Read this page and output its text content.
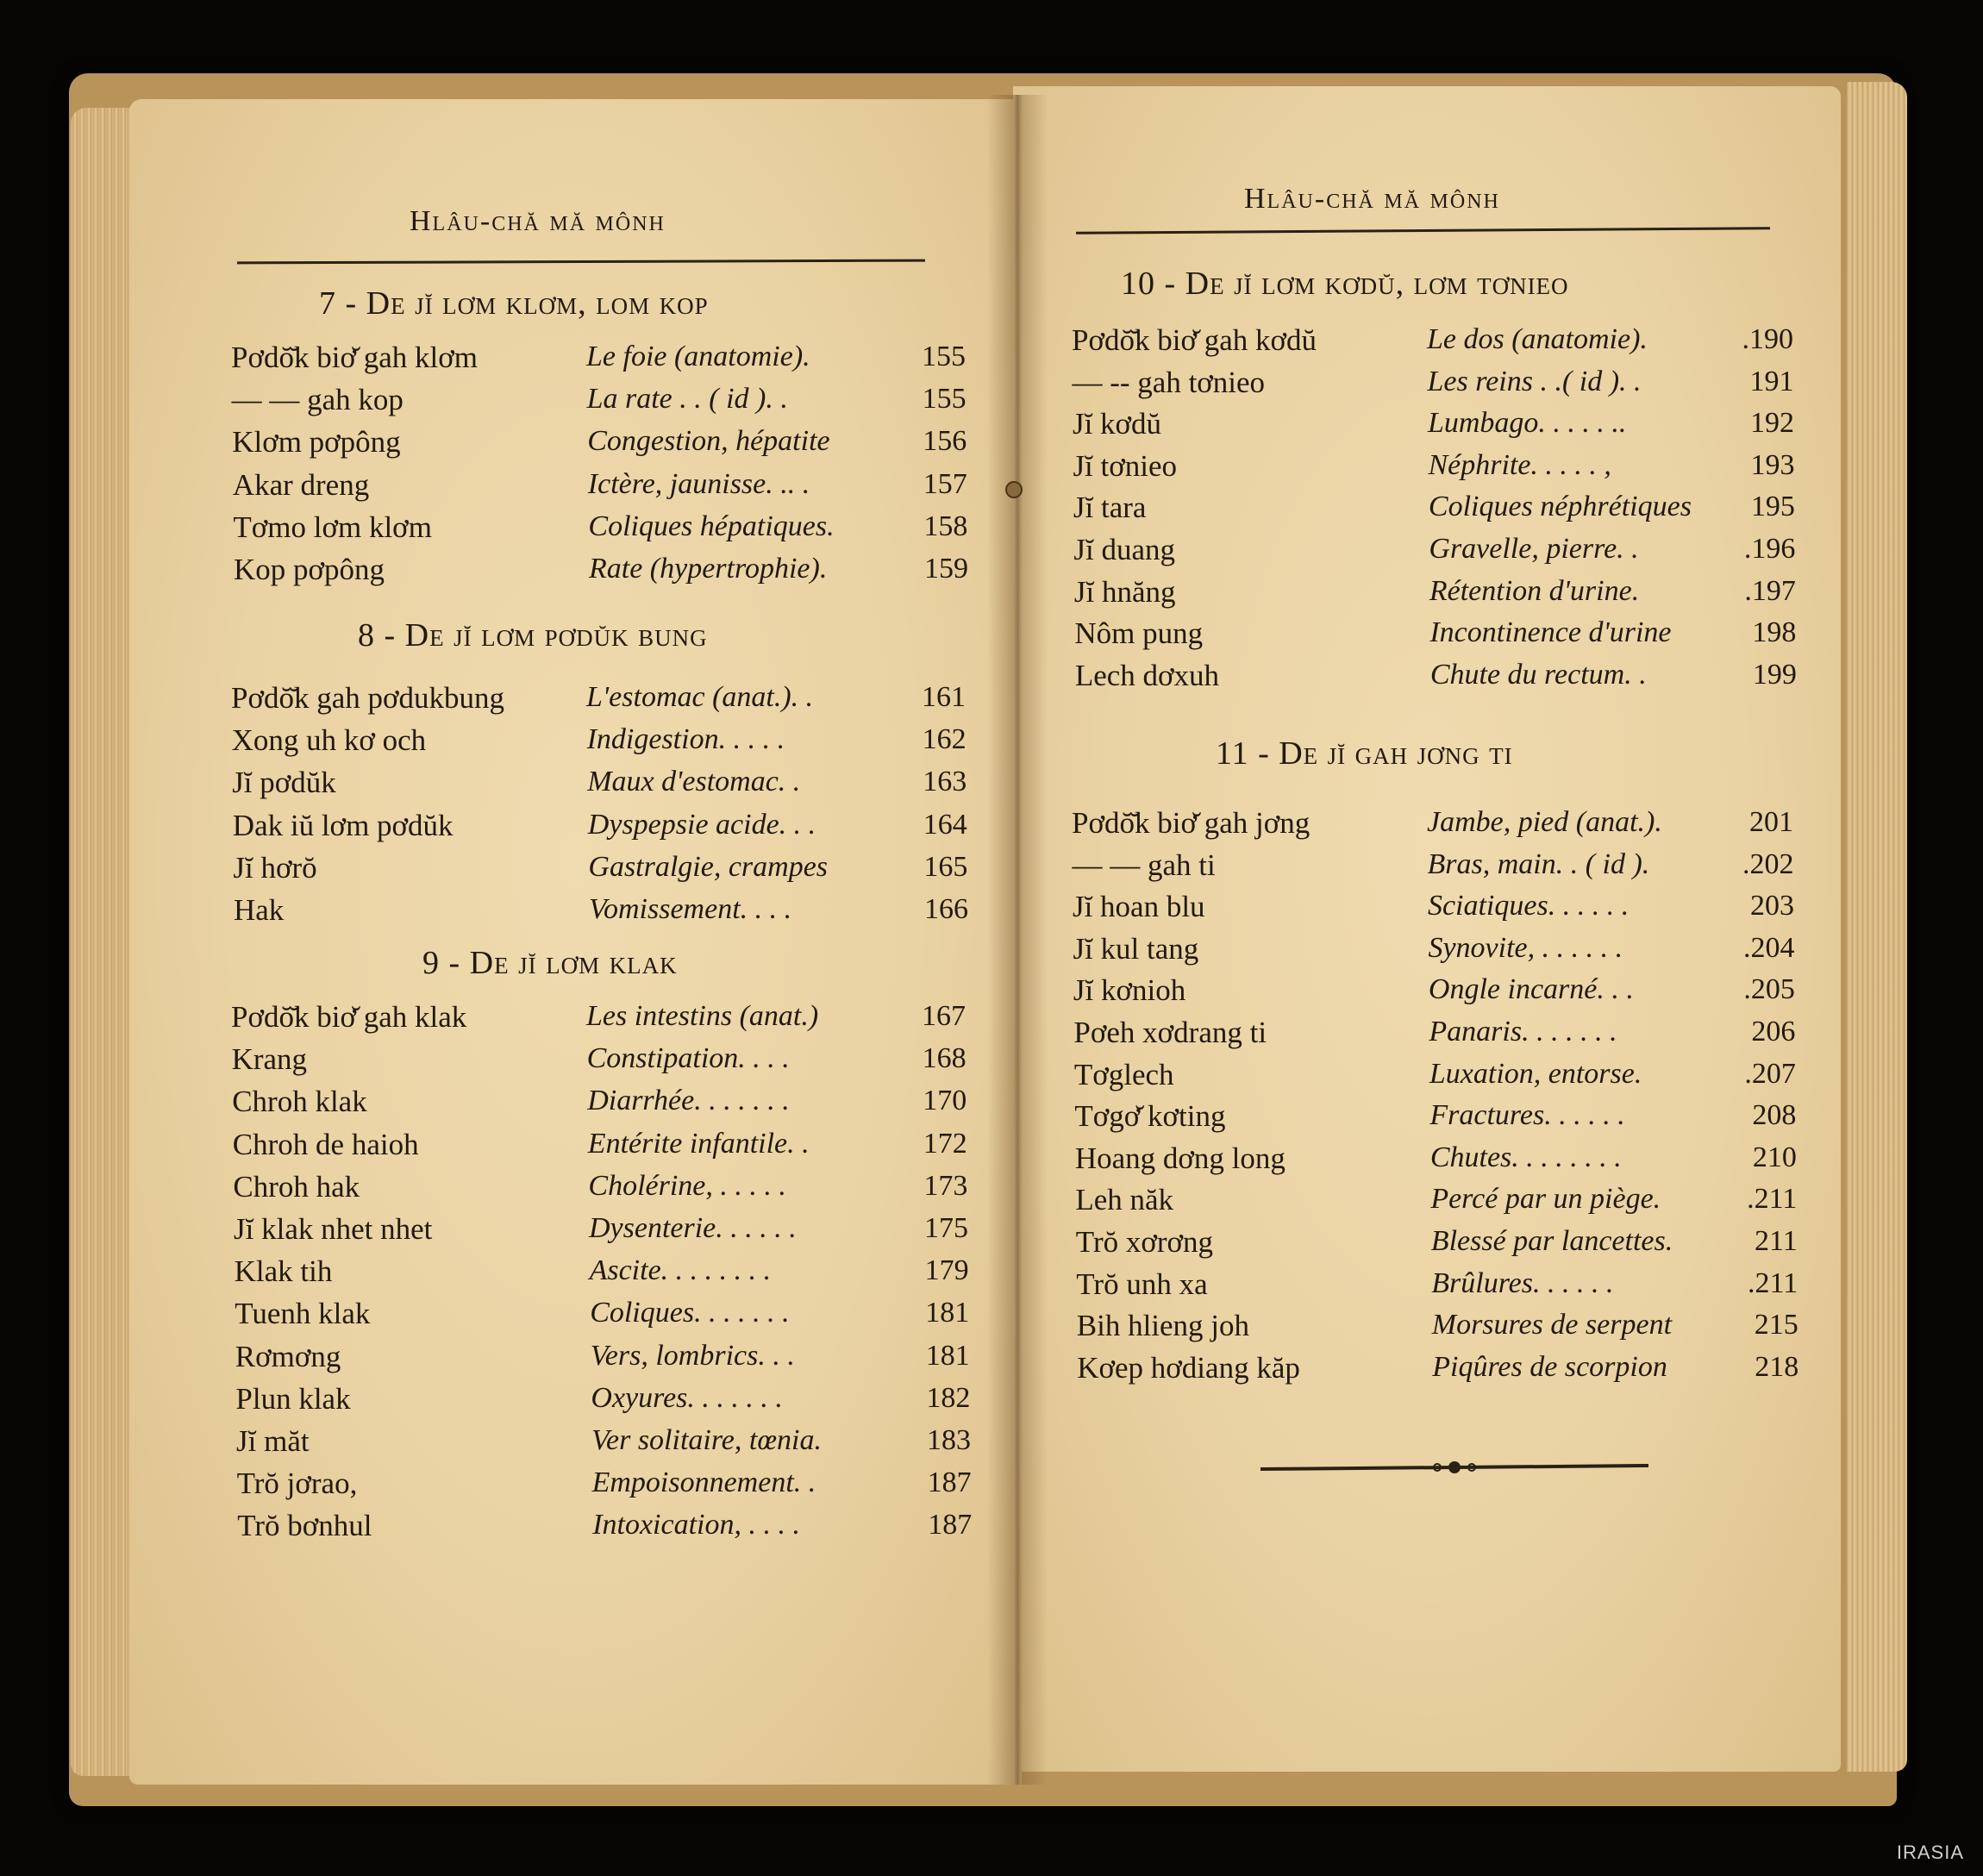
Hlâu-chă mă mônh
Hlâu-chă mă mônh
7 - De jĭ lơm klơm, lom kop
Pơdŏ̆k biơ̆ gah klơm	Le foie (anatomie).	155
— — gah kop	La rate . . ( id ). .	155
Klơm pơpông	Congestion, hépatite	156
Akar dreng	Ictère, jaunisse. .. .	157
Tơmo lơm klơm	Coliques hépatiques.	158
Kop pơpông	Rate (hypertrophie).	159
8 - De jĭ lơm pơdŭk bung
Pơdŏ̆k gah pơdukbung	L'estomac (anat.). .	161
Xong uh kơ och	Indigestion. . . . .	162
Jĭ pơdŭk	Maux d'estomac. .	163
Dak iŭ lơm pơdŭk	Dyspepsie acide. . .	164
Jĭ hơrŏ	Gastralgie, crampes	165
Hak	Vomissement. . . .	166
9 - De jĭ lơm klak
Pơdŏ̆k biơ̆ gah klak	Les intestins (anat.)	167
Krang	Constipation. . . .	168
Chroh klak	Diarrhée. . . . . . .	170
Chroh de haioh	Entérite infantile. .	172
Chroh hak	Cholérine, . . . . .	173
Jĭ klak nhet nhet	Dysenterie. . . . . .	175
Klak tih	Ascite. . . . . . . .	179
Tuenh klak	Coliques. . . . . . .	181
Rơmơng	Vers, lombrics. . .	181
Plun klak	Oxyures. . . . . . .	182
Jĭ măt	Ver solitaire, tœnia.	183
Trŏ jơrao,	Empoisonnement. .	187
Trŏ bơnhul	Intoxication, . . . .	187
10 - De jĭ lơm kơdŭ, lơm tơnieo
Pơdŏ̆k biơ̆ gah kơdŭ	Le dos (anatomie).	.190
— -- gah tơnieo	Les reins . .( id ). .	191
Jĭ kơdŭ	Lumbago. . . . . ..	192
Jĭ tơnieo	Néphrite. . . . . ,	193
Jĭ tara	Coliques néphrétiques	195
Jĭ duang	Gravelle, pierre. .	.196
Jĭ hnăng	Rétention d'urine.	.197
Nôm pung	Incontinence d'urine	198
Lech dơxuh	Chute du rectum. .	199
11 - De jĭ gah jơng ti
Pơdŏ̆k biơ̆ gah jơng	Jambe, pied (anat.).	201
— — gah ti	Bras, main. . ( id ).	.202
Jĭ hoan blu	Sciatiques. . . . . .	203
Jĭ kul tang	Synovite, . . . . . .	.204
Jĭ kơnioh	Ongle incarné. . .	.205
Pơeh xơdrang ti	Panaris. . . . . . .	206
Tơglech	Luxation, entorse.	.207
Tơgơ̆ kơting	Fractures. . . . . .	208
Hoang dơng long	Chutes. . . . . . . .	210
Leh năk	Percé par un piège.	.211
Trŏ xơrơng	Blessé par lancettes.	211
Trŏ unh xa	Brûlures. . . . . .	.211
Bih hlieng joh	Morsures de serpent	215
Kơep hơdiang kăp	Piqûres de scorpion	218
IRASIA
